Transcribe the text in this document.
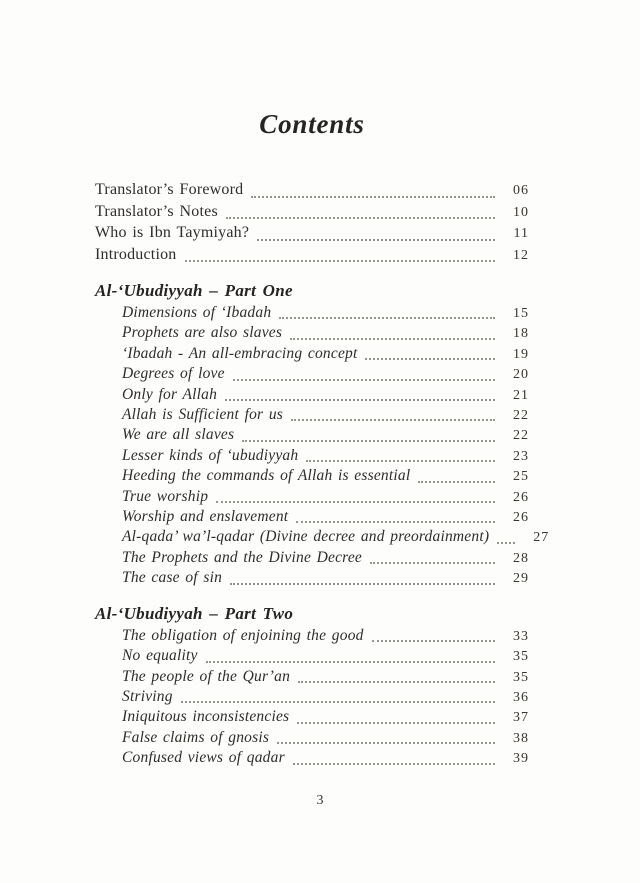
Contents
Translator’s Foreword	06
Translator’s Notes	10
Who is Ibn Taymiyah?	11
Introduction	12
Al-‘Ubudiyyah – Part One
Dimensions of ‘Ibadah	15
Prophets are also slaves	18
‘Ibadah - An all-embracing concept	19
Degrees of love	20
Only for Allah	21
Allah is Sufficient for us	22
We are all slaves	22
Lesser kinds of ‘ubudiyyah	23
Heeding the commands of Allah is essential	25
True worship	26
Worship and enslavement	26
Al-qada’ wa’l-qadar (Divine decree and preordainment)	27
The Prophets and the Divine Decree	28
The case of sin	29
Al-‘Ubudiyyah – Part Two
The obligation of enjoining the good	33
No equality	35
The people of the Qur’an	35
Striving	36
Iniquitous inconsistencies	37
False claims of gnosis	38
Confused views of qadar	39
3
